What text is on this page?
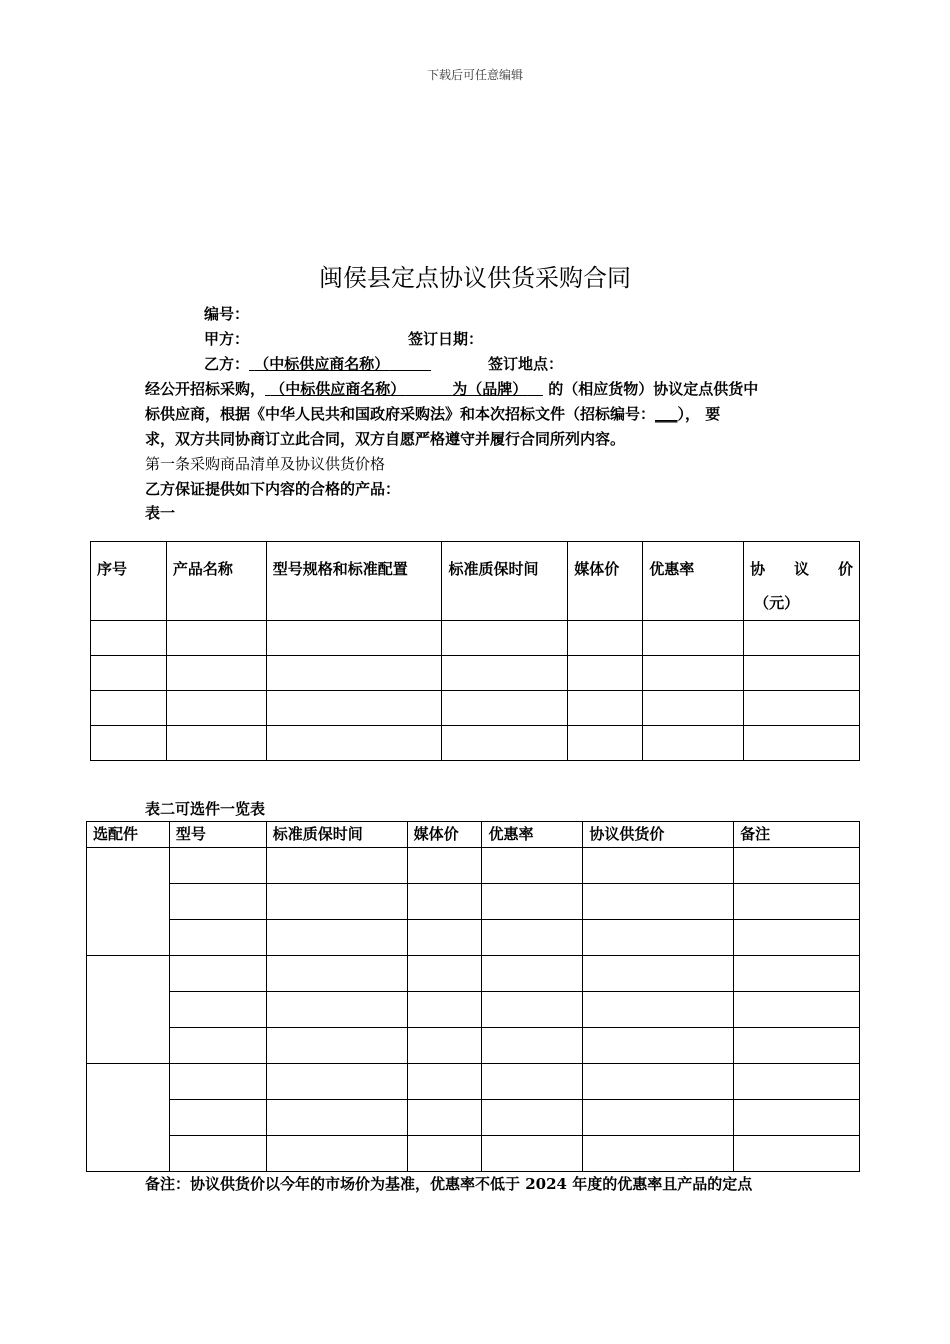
下载后可任意编辑
闽侯县定点协议供货采购合同
编号：
甲方：	签订日期：
乙方： （中标供应商名称）	签订地点：
经公开招标采购， （中标供应商名称）	为（品牌） 的（相应货物）协议定点供货中
标供应商，根据《中华人民共和国政府采购法》和本次招标文件（招标编号：___）， 要
求，双方共同协商订立此合同，双方自愿严格遵守并履行合同所列内容。
第一条采购商品清单及协议供货价格
乙方保证提供如下内容的合格的产品：
表一
序号	产品名称	型号规格和标准配置	标准质保时间	媒体价	优惠率	协议价
（元）

表二可选件一览表
选配件	型号	标准质保时间	媒体价	优惠率	协议供货价	备注

备注：协议供货价以今年的市场价为基准，优惠率不低于 2024 年度的优惠率且产品的定点
